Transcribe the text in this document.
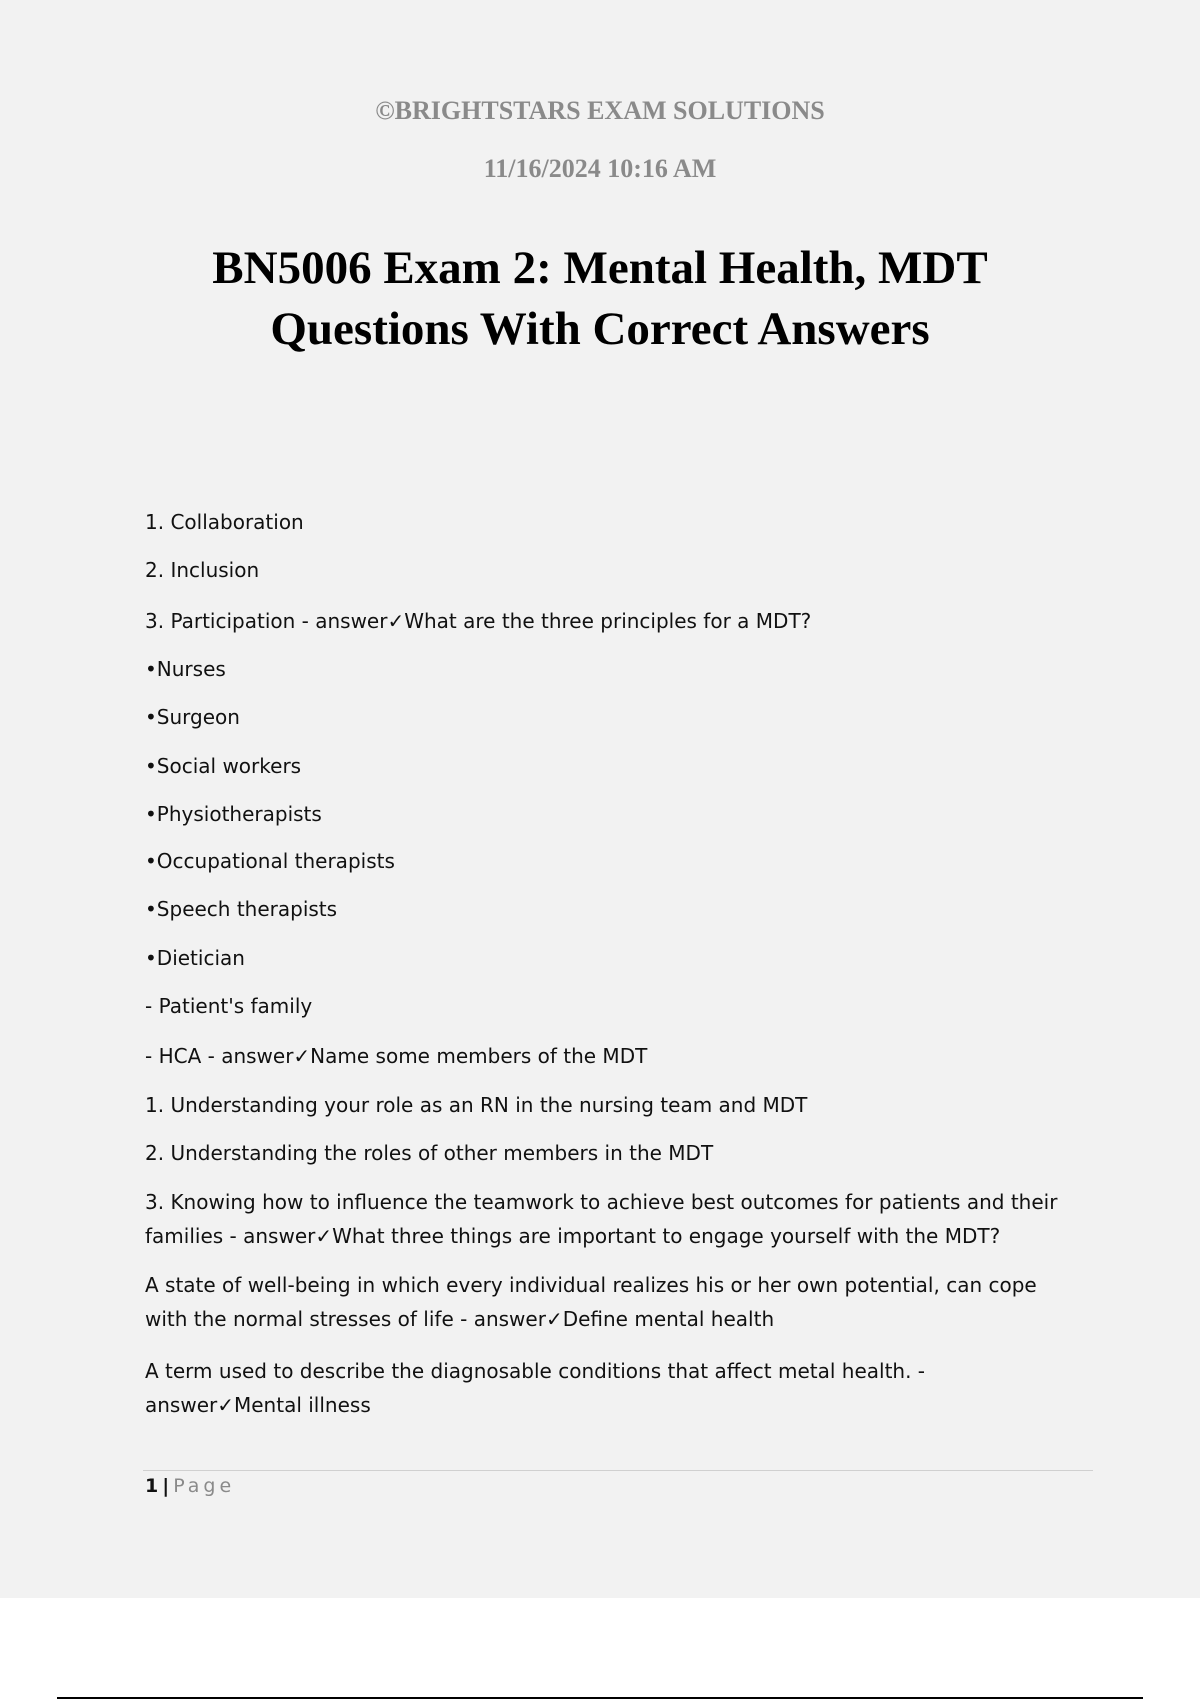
©BRIGHTSTARS EXAM SOLUTIONS

11/16/2024 10:16 AM

BN5006 Exam 2: Mental Health, MDT
Questions With Correct Answers
1. Collaboration
2. Inclusion
3. Participation - answer✓What are the three principles for a MDT?
•Nurses
•Surgeon
•Social workers
•Physiotherapists
•Occupational therapists
•Speech therapists
•Dietician
- Patient's family
- HCA - answer✓Name some members of the MDT
1. Understanding your role as an RN in the nursing team and MDT
2. Understanding the roles of other members in the MDT
3. Knowing how to influence the teamwork to achieve best outcomes for patients and their families - answer✓What three things are important to engage yourself with the MDT?
A state of well-being in which every individual realizes his or her own potential, can cope with the normal stresses of life - answer✓Define mental health
A term used to describe the diagnosable conditions that affect metal health. - answer✓Mental illness
1 | Page
